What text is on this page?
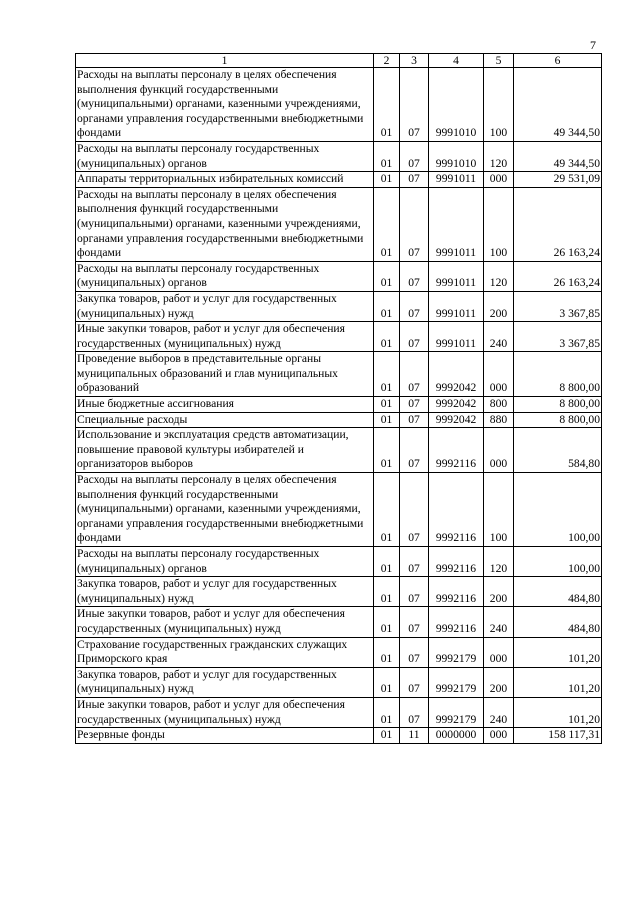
7
1	2	3	4	5	6
Расходы на выплаты персоналу в целях обеспечения выполнения функций государственными (муниципальными) органами, казенными учреждениями, органами управления государственными внебюджетными фондами	01	07	9991010	100	49 344,50
Расходы на выплаты персоналу государственных (муниципальных) органов	01	07	9991010	120	49 344,50
Аппараты территориальных избирательных комиссий	01	07	9991011	000	29 531,09
Расходы на выплаты персоналу в целях обеспечения выполнения функций государственными (муниципальными) органами, казенными учреждениями, органами управления государственными внебюджетными фондами	01	07	9991011	100	26 163,24
Расходы на выплаты персоналу государственных (муниципальных) органов	01	07	9991011	120	26 163,24
Закупка товаров, работ и услуг для государственных (муниципальных) нужд	01	07	9991011	200	3 367,85
Иные закупки товаров, работ и услуг для обеспечения государственных (муниципальных) нужд	01	07	9991011	240	3 367,85
Проведение выборов в представительные органы муниципальных образований и глав муниципальных образований	01	07	9992042	000	8 800,00
Иные бюджетные ассигнования	01	07	9992042	800	8 800,00
Специальные расходы	01	07	9992042	880	8 800,00
Использование и эксплуатация средств автоматизации, повышение правовой культуры избирателей и организаторов выборов	01	07	9992116	000	584,80
Расходы на выплаты персоналу в целях обеспечения выполнения функций государственными (муниципальными) органами, казенными учреждениями, органами управления государственными внебюджетными фондами	01	07	9992116	100	100,00
Расходы на выплаты персоналу государственных (муниципальных) органов	01	07	9992116	120	100,00
Закупка товаров, работ и услуг для государственных (муниципальных) нужд	01	07	9992116	200	484,80
Иные закупки товаров, работ и услуг для обеспечения государственных (муниципальных) нужд	01	07	9992116	240	484,80
Страхование государственных гражданских служащих Приморского края	01	07	9992179	000	101,20
Закупка товаров, работ и услуг для государственных (муниципальных) нужд	01	07	9992179	200	101,20
Иные закупки товаров, работ и услуг для обеспечения государственных (муниципальных) нужд	01	07	9992179	240	101,20
Резервные фонды	01	11	0000000	000	158 117,31
